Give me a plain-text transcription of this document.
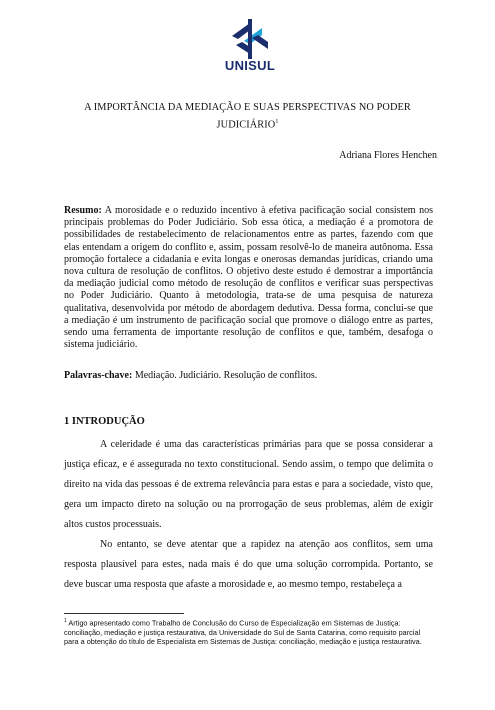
UNISUL
A IMPORTÂNCIA DA MEDIAÇÃO E SUAS PERSPECTIVAS NO PODER JUDICIÁRIO$^1$
Adriana Flores Henchen
Resumo: A morosidade e o reduzido incentivo à efetiva pacificação social consistem nos principais problemas do Poder Judiciário. Sob essa ótica, a mediação é a promotora de possibilidades de restabelecimento de relacionamentos entre as partes, fazendo com que elas entendam a origem do conflito e, assim, possam resolvê-lo de maneira autônoma. Essa promoção fortalece a cidadania e evita longas e onerosas demandas jurídicas, criando uma nova cultura de resolução de conflitos. O objetivo deste estudo é demostrar a importância da mediação judicial como método de resolução de conflitos e verificar suas perspectivas no Poder Judiciário. Quanto à metodologia, trata-se de uma pesquisa de natureza qualitativa, desenvolvida por método de abordagem dedutiva. Dessa forma, conclui-se que a mediação é um instrumento de pacificação social que promove o diálogo entre as partes, sendo uma ferramenta de importante resolução de conflitos e que, também, desafoga o sistema judiciário.
Palavras-chave: Mediação. Judiciário. Resolução de conflitos.
1 INTRODUÇÃO

A celeridade é uma das características primárias para que se possa considerar a justiça eficaz, e é assegurada no texto constitucional. Sendo assim, o tempo que delimita o direito na vida das pessoas é de extrema relevância para estas e para a sociedade, visto que, gera um impacto direto na solução ou na prorrogação de seus problemas, além de exigir altos custos processuais.

No entanto, se deve atentar que a rapidez na atenção aos conflitos, sem uma resposta plausível para estes, nada mais é do que uma solução corrompida. Portanto, se deve buscar uma resposta que afaste a morosidade e, ao mesmo tempo, restabeleça a

$^1$ Artigo apresentado como Trabalho de Conclusão do Curso de Especialização em Sistemas de Justiça: conciliação, mediação e justiça restaurativa, da Universidade do Sul de Santa Catarina, como requisito parcial para a obtenção do título de Especialista em Sistemas de Justiça: conciliação, mediação e justiça restaurativa.
